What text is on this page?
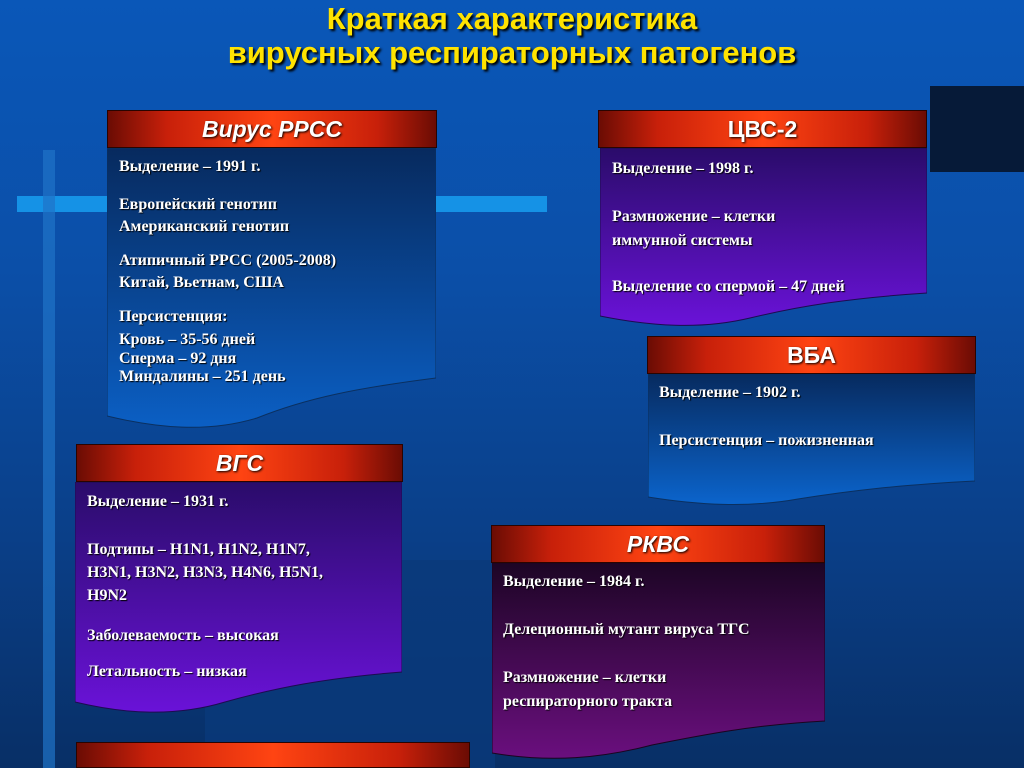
Краткая характеристика
вирусных респираторных патогенов
Вирус РРСС

Выделение – 1991 г.

Европейский генотип

Американский генотип

Атипичный РРСС (2005-2008)

Китай, Вьетнам, США

Персистенция:

Кровь – 35-56 дней

Сперма – 92 дня

Миндалины – 251 день

ЦВС-2

Выделение – 1998 г.

Размножение – клетки

иммунной системы

Выделение со спермой – 47 дней

ВБА

Выделение – 1902 г.

Персистенция – пожизненная

ВГС

Выделение – 1931 г.

Подтипы – H1N1, H1N2, H1N7,

H3N1, H3N2, H3N3, H4N6, H5N1,

H9N2

Заболеваемость – высокая

Летальность – низкая

РКВС

Выделение – 1984 г.

Делеционный мутант вируса ТГС

Размножение – клетки

респираторного тракта
